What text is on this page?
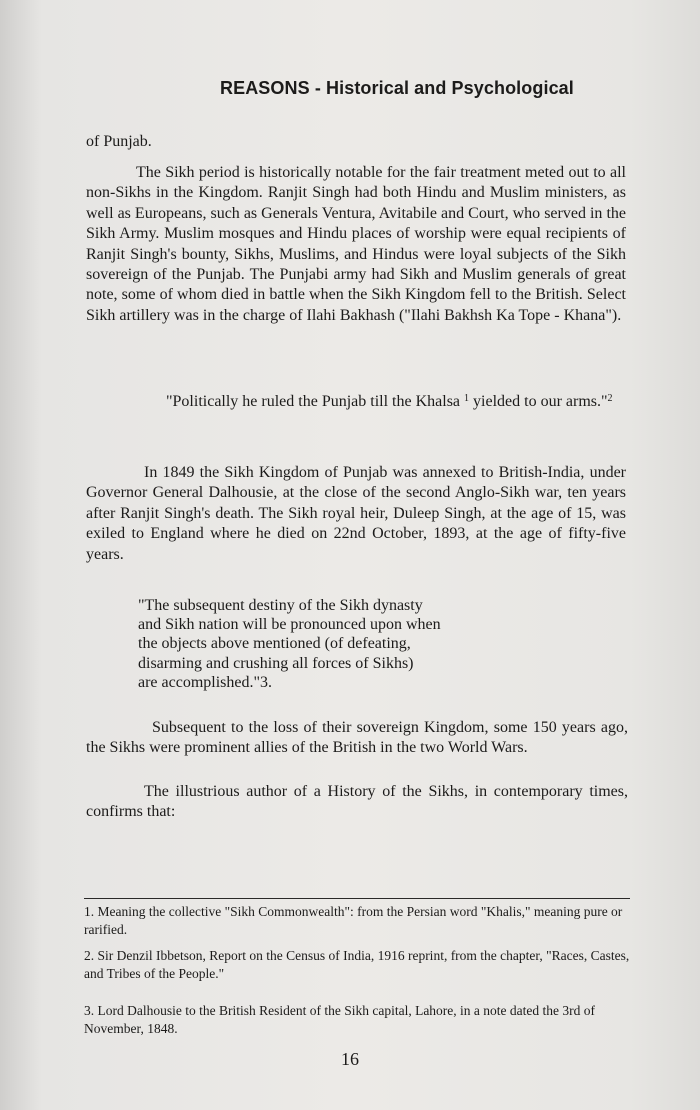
REASONS - Historical and Psychological

of Punjab.

The Sikh period is historically notable for the fair treatment meted out to all non-Sikhs in the Kingdom. Ranjit Singh had both Hindu and Muslim ministers, as well as Europeans, such as Generals Ventura, Avitabile and Court, who served in the Sikh Army. Muslim mosques and Hindu places of worship were equal recipients of Ranjit Singh's bounty, Sikhs, Muslims, and Hindus were loyal subjects of the Sikh sovereign of the Punjab. The Punjabi army had Sikh and Muslim generals of great note, some of whom died in battle when the Sikh Kingdom fell to the British. Select Sikh artillery was in the charge of Ilahi Bakhash ("Ilahi Bakhsh Ka Tope - Khana").

"Politically he ruled the Punjab till the Khalsa $^1$ yielded to our arms."$^2$

In 1849 the Sikh Kingdom of Punjab was annexed to British-India, under Governor General Dalhousie, at the close of the second Anglo-Sikh war, ten years after Ranjit Singh's death. The Sikh royal heir, Duleep Singh, at the age of 15, was exiled to England where he died on 22nd October, 1893, at the age of fifty-five years.

"The subsequent destiny of the Sikh dynasty
and Sikh nation will be pronounced upon when
the objects above mentioned (of defeating,
disarming and crushing all forces of Sikhs)
are accomplished."3.

Subsequent to the loss of their sovereign Kingdom, some 150 years ago, the Sikhs were prominent allies of the British in the two World Wars.

The illustrious author of a History of the Sikhs, in contemporary times, confirms that:

1. Meaning the collective "Sikh Commonwealth": from the Persian word "Khalis," meaning pure or rarified.

2. Sir Denzil Ibbetson, Report on the Census of India, 1916 reprint, from the chapter, "Races, Castes, and Tribes of the People."

3. Lord Dalhousie to the British Resident of the Sikh capital, Lahore, in a note dated the 3rd of November, 1848.

16
